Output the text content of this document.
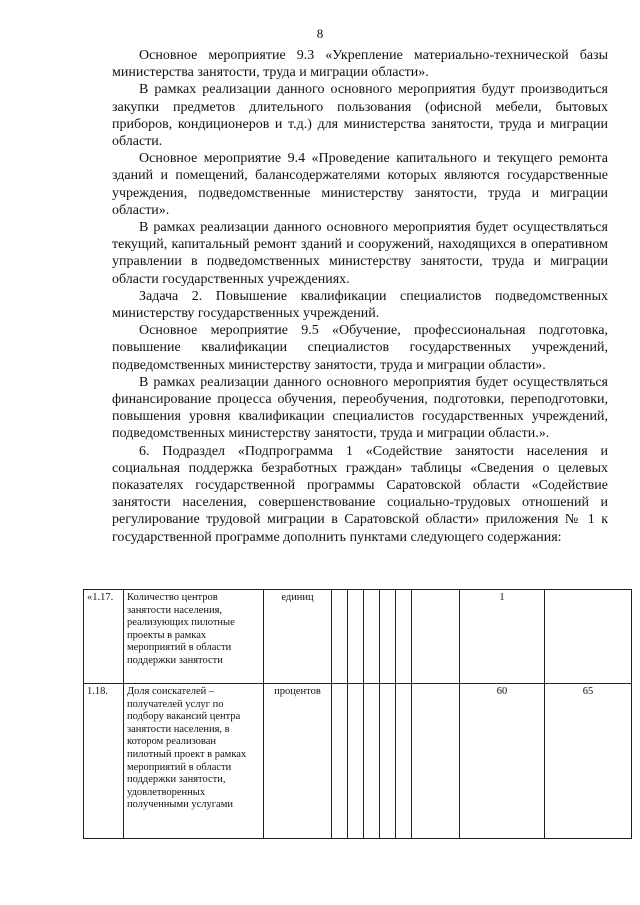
8

Основное мероприятие 9.3 «Укрепление материально-технической базы министерства занятости, труда и миграции области».

В рамках реализации данного основного мероприятия будут производиться закупки предметов длительного пользования (офисной мебели, бытовых приборов, кондиционеров и т.д.) для министерства занятости, труда и миграции области.

Основное мероприятие 9.4 «Проведение капитального и текущего ремонта зданий и помещений, балансодержателями которых являются государственные учреждения, подведомственные министерству занятости, труда и миграции области».

В рамках реализации данного основного мероприятия будет осуществляться текущий, капитальный ремонт зданий и сооружений, находящихся в оперативном управлении в подведомственных министерству занятости, труда и миграции области государственных учреждениях.

Задача 2. Повышение квалификации специалистов подведомственных министерству государственных учреждений.

Основное мероприятие 9.5 «Обучение, профессиональная подготовка, повышение квалификации специалистов государственных учреждений, подведомственных министерству занятости, труда и миграции области».

В рамках реализации данного основного мероприятия будет осуществляться финансирование процесса обучения, переобучения, подготовки, переподготовки, повышения уровня квалификации специалистов государственных учреждений, подведомственных министерству занятости, труда и миграции области.».

6. Подраздел «Подпрограмма 1 «Содействие занятости населения и социальная поддержка безработных граждан» таблицы «Сведения о целевых показателях государственной программы Саратовской области «Содействие занятости населения, совершенствование социально-трудовых отношений и регулирование трудовой миграции в Саратовской области» приложения № 1 к государственной программе дополнить пунктами следующего содержания:

«1.17.	Количество центров занятости населения, реализующих пилотные проекты в рамках мероприятий в области поддержки занятости	единиц							1	
1.18.	Доля соискателей – получателей услуг по подбору вакансий центра занятости населения, в котором реализован пилотный проект в рамках мероприятий в области поддержки занятости, удовлетворенных полученными услугами	процентов							60	65
